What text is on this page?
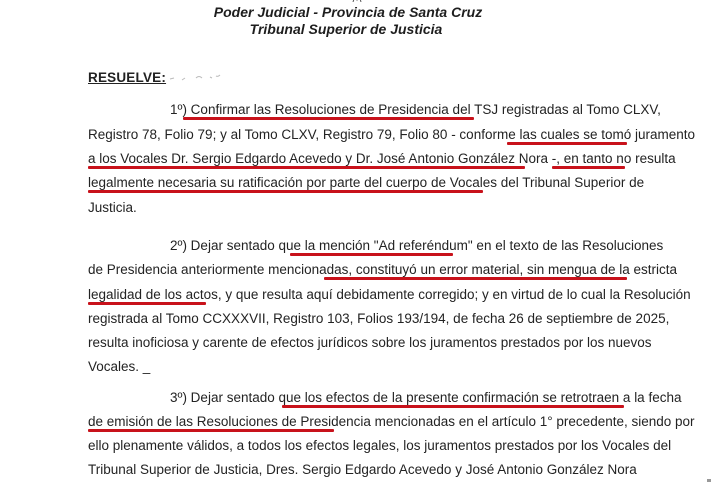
Poder Judicial - Provincia de Santa Cruz
Tribunal Superior de Justicia
RESUELVE:
1º) Confirmar las Resoluciones de Presidencia del TSJ registradas al Tomo CLXV,
Registro 78, Folio 79; y al Tomo CLXV, Registro 79, Folio 80 - conforme las cuales se tomó juramento
a los Vocales Dr. Sergio Edgardo Acevedo y Dr. José Antonio González Nora -, en tanto no resulta
legalmente necesaria su ratificación por parte del cuerpo de Vocales del Tribunal Superior de
Justicia.
2º) Dejar sentado que la mención "Ad referéndum" en el texto de las Resoluciones
de Presidencia anteriormente mencionadas, constituyó un error material, sin mengua de la estricta
legalidad de los actos, y que resulta aquí debidamente corregido; y en virtud de lo cual la Resolución
registrada al Tomo CCXXXVII, Registro 103, Folios 193/194, de fecha 26 de septiembre de 2025,
resulta inoficiosa y carente de efectos jurídicos sobre los juramentos prestados por los nuevos
Vocales. _
3º) Dejar sentado que los efectos de la presente confirmación se retrotraen a la fecha
de emisión de las Resoluciones de Presidencia mencionadas en el artículo 1° precedente, siendo por
ello plenamente válidos, a todos los efectos legales, los juramentos prestados por los Vocales del
Tribunal Superior de Justicia, Dres. Sergio Edgardo Acevedo y José Antonio González Nora
